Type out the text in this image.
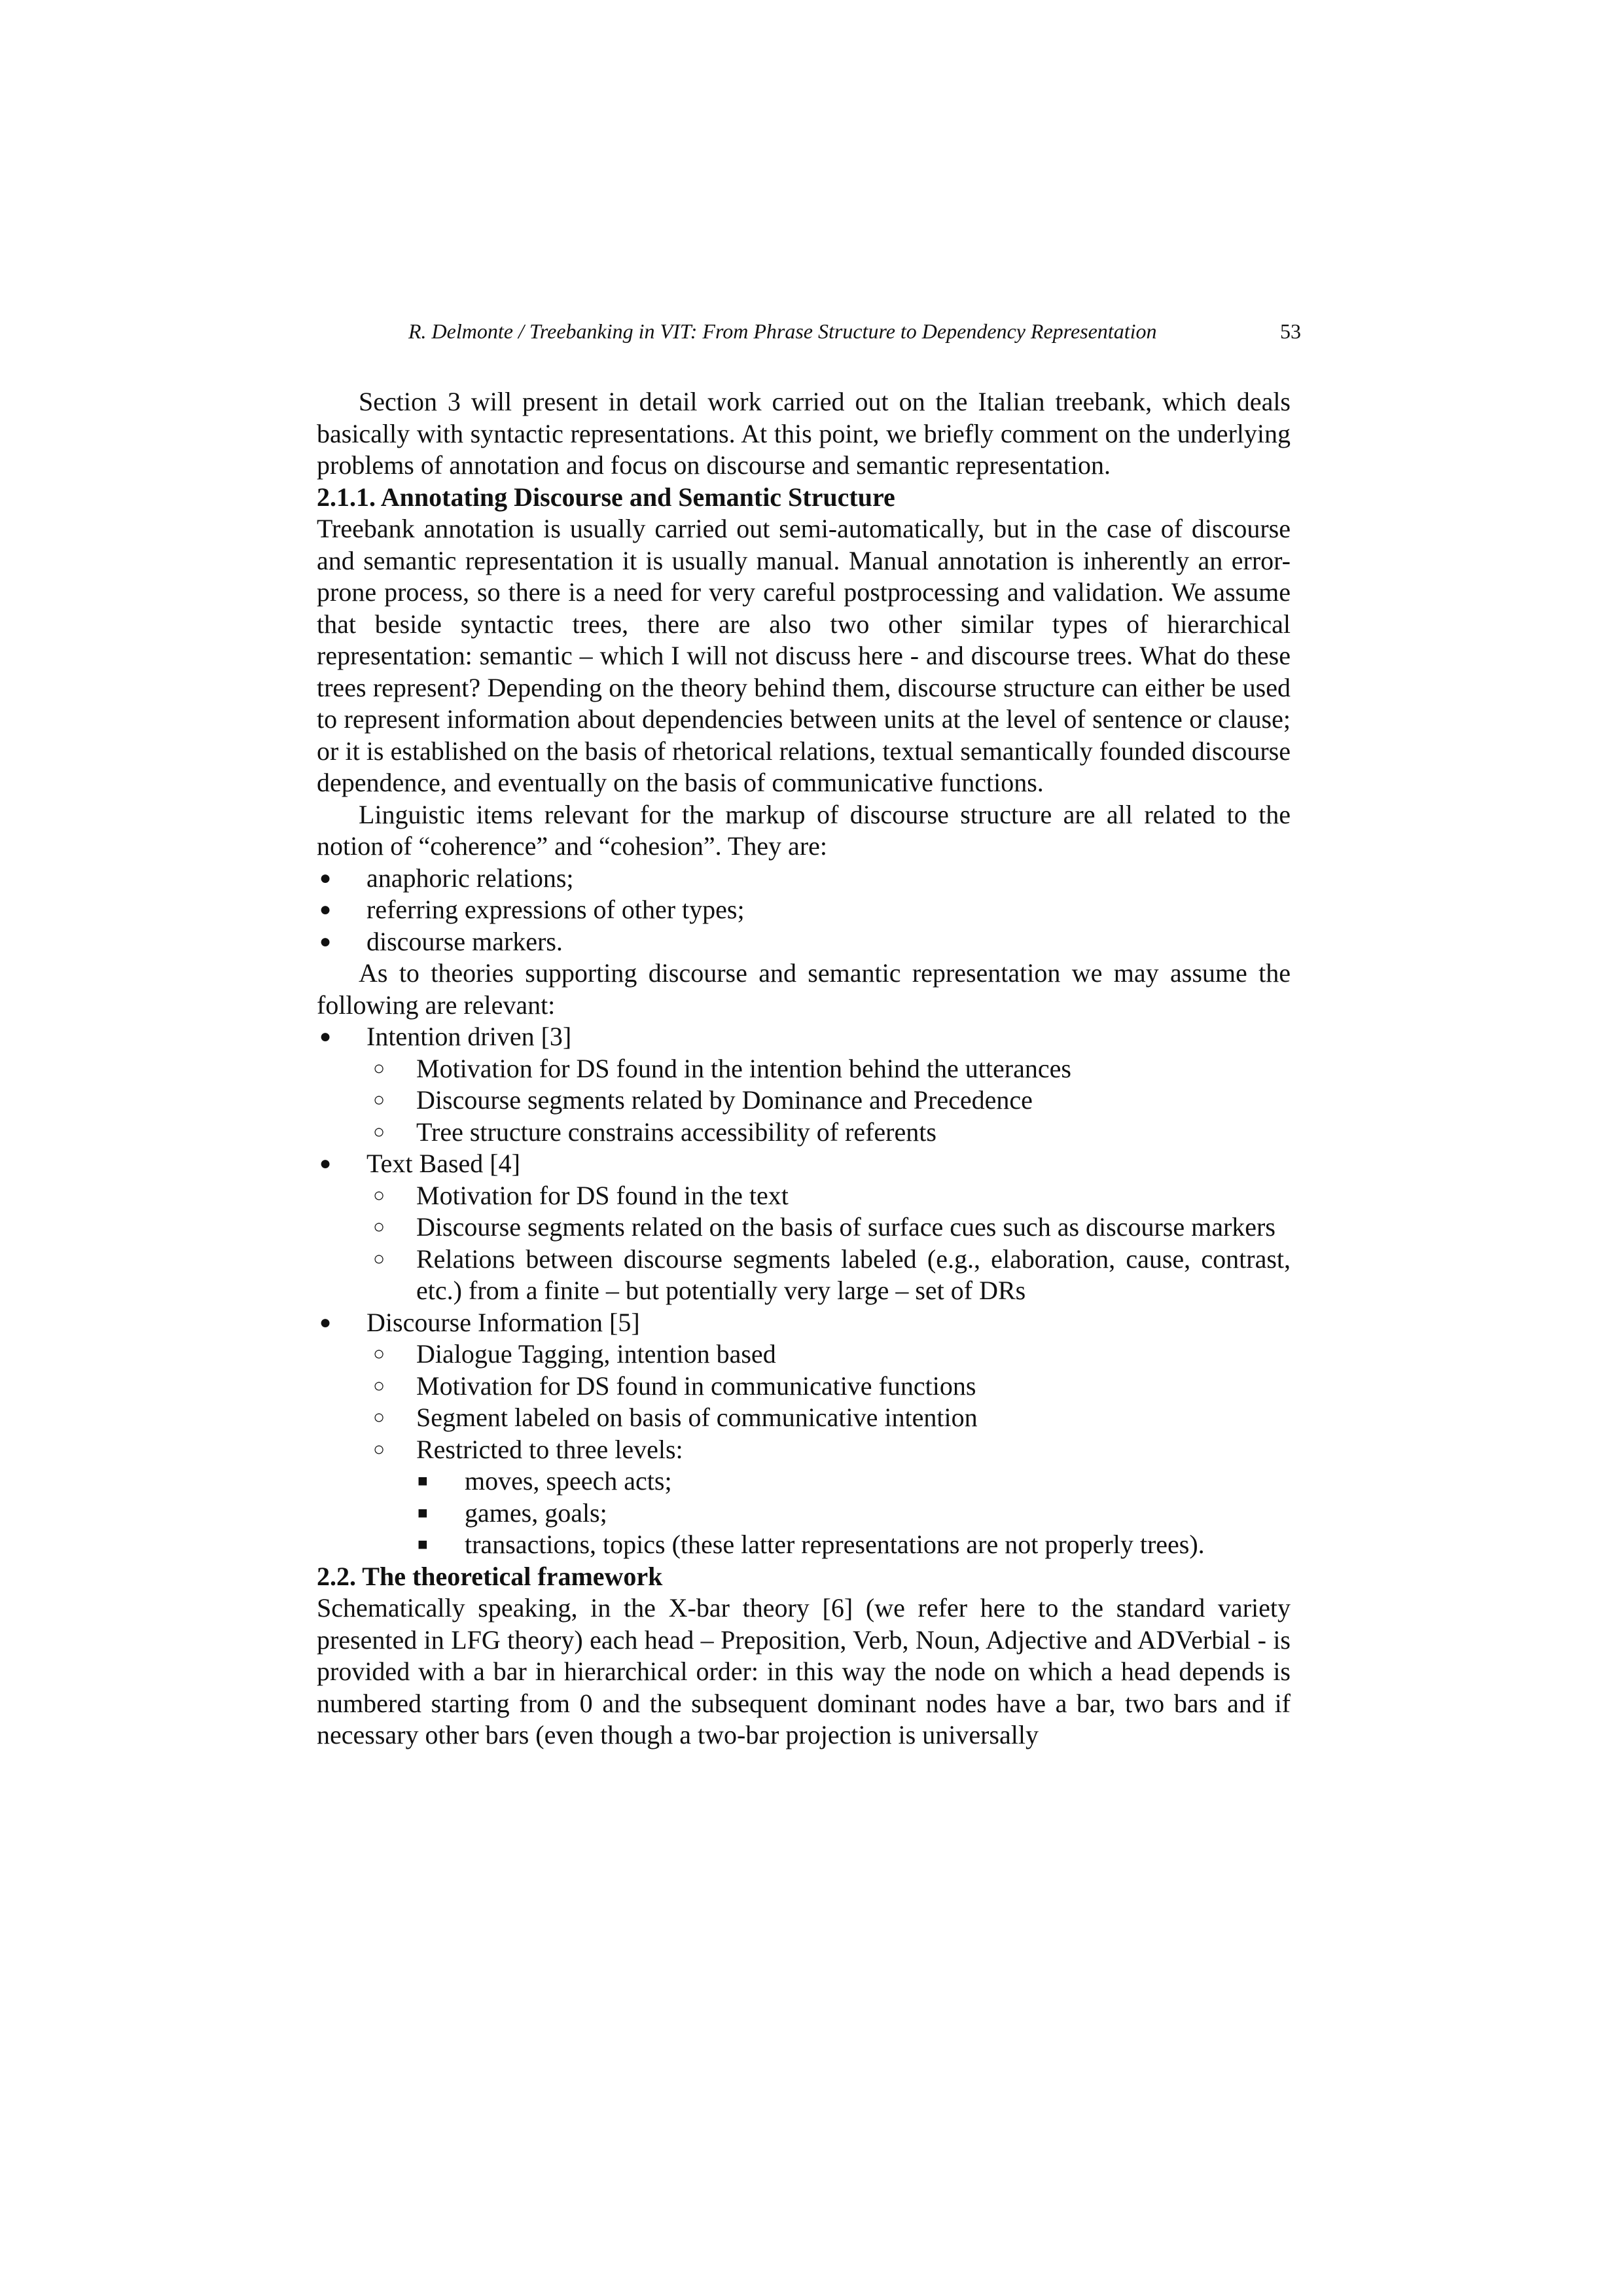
R. Delmonte / Treebanking in VIT: From Phrase Structure to Dependency Representation	53

Section 3 will present in detail work carried out on the Italian treebank, which deals basically with syntactic representations. At this point, we briefly comment on the underlying problems of annotation and focus on discourse and semantic representation.

2.1.1. Annotating Discourse and Semantic Structure

Treebank annotation is usually carried out semi-automatically, but in the case of discourse and semantic representation it is usually manual. Manual annotation is inherently an error-prone process, so there is a need for very careful postprocessing and validation. We assume that beside syntactic trees, there are also two other similar types of hierarchical representation: semantic – which I will not discuss here - and discourse trees. What do these trees represent? Depending on the theory behind them, discourse structure can either be used to represent information about dependencies between units at the level of sentence or clause; or it is established on the basis of rhetorical relations, textual semantically founded discourse dependence, and eventually on the basis of communicative functions.

Linguistic items relevant for the markup of discourse structure are all related to the notion of “coherence” and “cohesion”. They are:

● anaphoric relations;
● referring expressions of other types;
● discourse markers.

As to theories supporting discourse and semantic representation we may assume the following are relevant:

● Intention driven [3]
○ Motivation for DS found in the intention behind the utterances
○ Discourse segments related by Dominance and Precedence
○ Tree structure constrains accessibility of referents
● Text Based [4]
○ Motivation for DS found in the text
○ Discourse segments related on the basis of surface cues such as discourse markers
○ Relations between discourse segments labeled (e.g., elaboration, cause, contrast, etc.) from a finite – but potentially very large – set of DRs
● Discourse Information [5]
○ Dialogue Tagging, intention based
○ Motivation for DS found in communicative functions
○ Segment labeled on basis of communicative intention
○ Restricted to three levels:
■ moves, speech acts;
■ games, goals;
■ transactions, topics (these latter representations are not properly trees).
2.2. The theoretical framework

Schematically speaking, in the X-bar theory [6] (we refer here to the standard variety presented in LFG theory) each head – Preposition, Verb, Noun, Adjective and ADVerbial - is provided with a bar in hierarchical order: in this way the node on which a head depends is numbered starting from 0 and the subsequent dominant nodes have a bar, two bars and if necessary other bars (even though a two-bar projection is universally
